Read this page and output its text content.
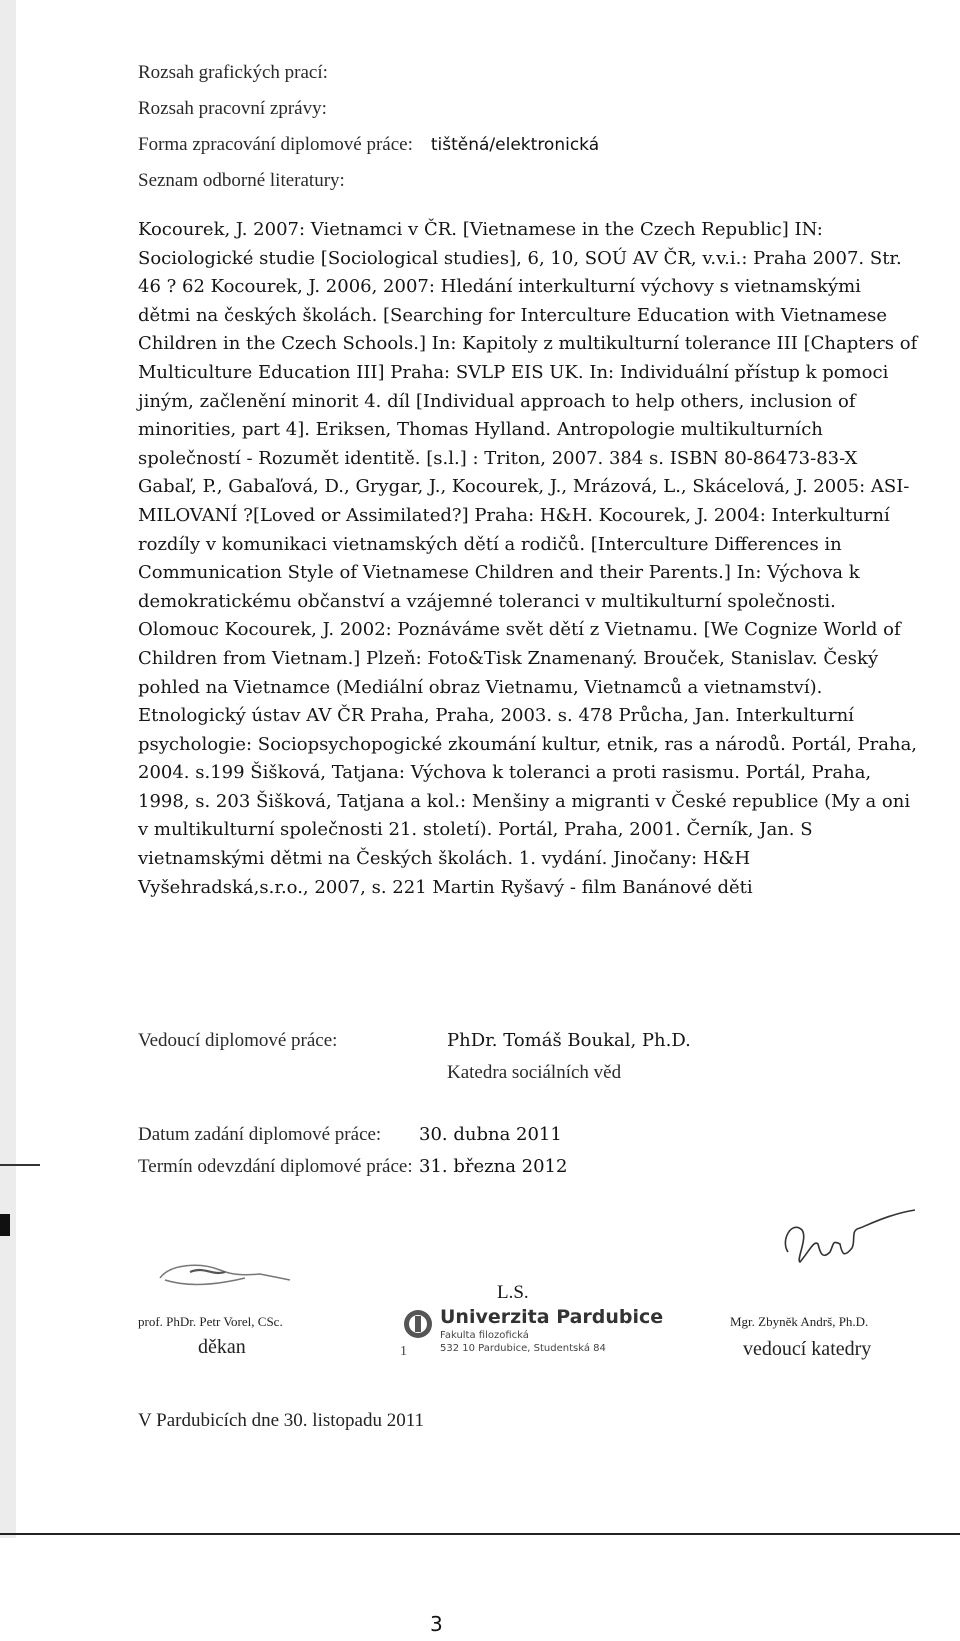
Rozsah grafických prací:
Rozsah pracovní zprávy:
Forma zpracování diplomové práce: tištěná/elektronická
Seznam odborné literatury:
Kocourek, J. 2007: Vietnamci v ČR. [Vietnamese in the Czech Republic] IN: Sociologické studie [Sociological studies], 6, 10, SOÚ AV ČR, v.v.i.: Praha 2007. Str. 46 ? 62 Kocourek, J. 2006, 2007: Hledání interkulturní výchovy s vietnamskými dětmi na českých školách. [Searching for Interculture Education with Vietnamese Children in the Czech Schools.] In: Kapitoly z multikulturní tolerance III [Chapters of Multiculture Education III] Praha: SVLP EIS UK. In: Individuální přístup k pomoci jiným, začlenění minorit 4. díl [Individual approach to help others, inclusion of minorities, part 4]. Eriksen, Thomas Hylland. Antropologie multikulturních společností - Rozumět identitě. [s.l.] : Triton, 2007. 384 s. ISBN 80-86473-83-X Gabaľ, P., Gabaľová, D., Grygar, J., Kocourek, J., Mrázová, L., Skácelová, J. 2005: ASI-MILOVANÍ ?[Loved or Assimilated?] Praha: H&H. Kocourek, J. 2004: Interkulturní rozdíly v komunikaci vietnamských dětí a rodičů. [Interculture Differences in Communication Style of Vietnamese Children and their Parents.] In: Výchova k demokratickému občanství a vzájemné toleranci v multikulturní společnosti. Olomouc Kocourek, J. 2002: Poznáváme svět dětí z Vietnamu. [We Cognize World of Children from Vietnam.] Plzeň: Foto&Tisk Znamenaný. Brouček, Stanislav. Český pohled na Vietnamce (Mediální obraz Vietnamu, Vietnamců a vietnamství). Etnologický ústav AV ČR Praha, Praha, 2003. s. 478 Průcha, Jan. Interkulturní psychologie: Sociopsychopogické zkoumání kultur, etnik, ras a národů. Portál, Praha, 2004. s.199 Šišková, Tatjana: Výchova k toleranci a proti rasismu. Portál, Praha, 1998, s. 203 Šišková, Tatjana a kol.: Menšiny a migranti v České republice (My a oni v multikulturní společnosti 21. století). Portál, Praha, 2001. Černík, Jan. S vietnamskými dětmi na Českých školách. 1. vydání. Jinočany: H&H Vyšehradská,s.r.o., 2007, s. 221 Martin Ryšavý - film Banánové děti
Vedoucí diplomové práce:	PhDr. Tomáš Boukal, Ph.D.
Katedra sociálních věd
Datum zadání diplomové práce: 30. dubna 2011
Termín odevzdání diplomové práce: 31. března 2012
L.S.
1
Univerzita Pardubice
Fakulta filozofická
532 10 Pardubice, Studentská 84
prof. PhDr. Petr Vorel, CSc.
děkan
Mgr. Zbyněk Andrš, Ph.D.
vedoucí katedry
V Pardubicích dne 30. listopadu 2011
3
